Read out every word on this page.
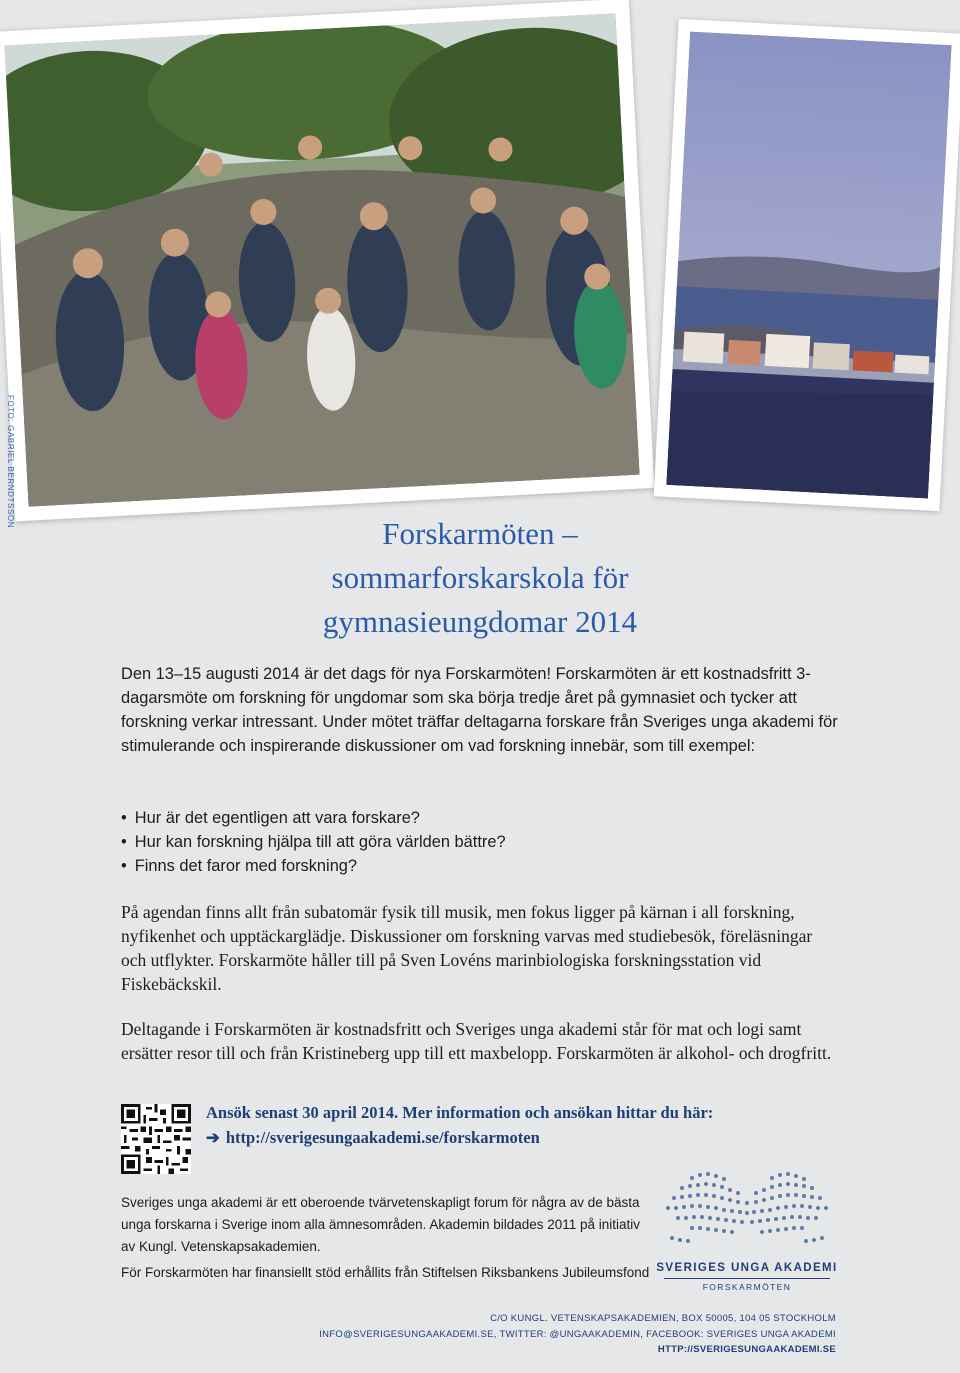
FOTO: GABRIEL BERNDTSSON
Forskarmöten –
sommarforskarskola för
gymnasieungdomar 2014

Den 13–15 augusti 2014 är det dags för nya Forskarmöten! Forskarmöten är ett kostnadsfritt 3-dagarsmöte om forskning för ungdomar som ska börja tredje året på gymnasiet och tycker att forskning verkar intressant. Under mötet träffar deltagarna forskare från Sveriges unga akademi för stimulerande och inspirerande diskussioner om vad forskning innebär, som till exempel:

• Hur är det egentligen att vara forskare?
• Hur kan forskning hjälpa till att göra världen bättre?
• Finns det faror med forskning?

På agendan finns allt från subatomär fysik till musik, men fokus ligger på kärnan i all forskning, nyfikenhet och upptäckarglädje. Diskussioner om forskning varvas med studiebesök, föreläsningar och utflykter. Forskarmöte håller till på Sven Lovéns marinbiologiska forskningsstation vid Fiskebäckskil.

Deltagande i Forskarmöten är kostnadsfritt och Sveriges unga akademi står för mat och logi samt ersätter resor till och från Kristineberg upp till ett maxbelopp. Forskarmöten är alkohol- och drogfritt.

Ansök senast 30 april 2014. Mer information och ansökan hittar du här:
➔ http://sverigesungaakademi.se/forskarmoten

Sveriges unga akademi är ett oberoende tvärvetenskapligt forum för några av de bästa unga forskarna i Sverige inom alla ämnesområden. Akademin bildades 2011 på initiativ av Kungl. Vetenskapsakademien.

För Forskarmöten har finansiellt stöd erhållits från Stiftelsen Riksbankens Jubileumsfond SVERIGES UNGA AKADEMI
FORSKARMÖTEN
C/O KUNGL. VETENSKAPSAKADEMIEN, BOX 50005, 104 05 STOCKHOLM
INFO@SVERIGESUNGAAKADEMI.SE, TWITTER: @UNGAAKADEMIN, FACEBOOK: SVERIGES UNGA AKADEMI
HTTP://SVERIGESUNGAAKADEMI.SE
